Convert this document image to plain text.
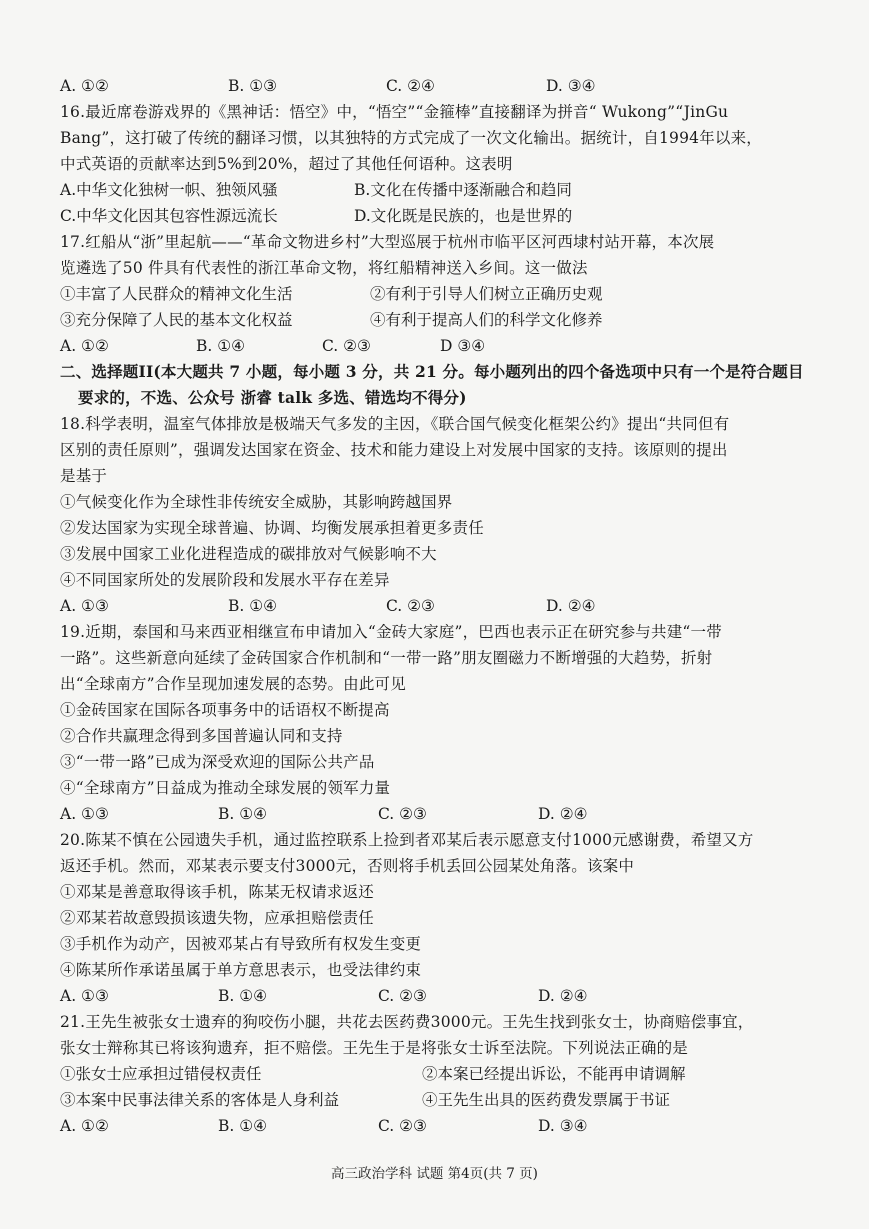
A. ①②	B. ①③	C. ②④	D. ③④
16.最近席卷游戏界的《黑神话：悟空》中，“悟空”“金箍棒”直接翻译为拼音“ Wukong”“JinGu
Bang”，这打破了传统的翻译习惯，以其独特的方式完成了一次文化输出。据统计，自1994年以来，
中式英语的贡献率达到5%到20%，超过了其他任何语种。这表明
A.中华文化独树一帜、独领风骚	B.文化在传播中逐渐融合和趋同
C.中华文化因其包容性源远流长	D.文化既是民族的，也是世界的
17.红船从“浙”里起航——“革命文物进乡村”大型巡展于杭州市临平区河西埭村站开幕，本次展
览遴选了50 件具有代表性的浙江革命文物，将红船精神送入乡间。这一做法
①丰富了人民群众的精神文化生活	②有利于引导人们树立正确历史观
③充分保障了人民的基本文化权益	④有利于提高人们的科学文化修养
A. ①②	B. ①④	C. ②③	D ③④
二、选择题II(本大题共 7 小题，每小题 3 分，共 21 分。每小题列出的四个备选项中只有一个是符合题目
要求的，不选、公众号 浙睿 talk 多选、错选均不得分)
18.科学表明，温室气体排放是极端天气多发的主因，《联合国气候变化框架公约》提出“共同但有
区别的责任原则”，强调发达国家在资金、技术和能力建设上对发展中国家的支持。该原则的提出
是基于
①气候变化作为全球性非传统安全威胁，其影响跨越国界
②发达国家为实现全球普遍、协调、均衡发展承担着更多责任
③发展中国家工业化进程造成的碳排放对气候影响不大
④不同国家所处的发展阶段和发展水平存在差异
A. ①③	B. ①④	C. ②③	D. ②④
19.近期，泰国和马来西亚相继宣布申请加入“金砖大家庭”，巴西也表示正在研究参与共建“一带
一路”。这些新意向延续了金砖国家合作机制和“一带一路”朋友圈磁力不断增强的大趋势，折射
出“全球南方”合作呈现加速发展的态势。由此可见
①金砖国家在国际各项事务中的话语权不断提高
②合作共赢理念得到多国普遍认同和支持
③“一带一路”已成为深受欢迎的国际公共产品
④“全球南方”日益成为推动全球发展的领军力量
A. ①③	B. ①④	C. ②③	D. ②④
20.陈某不慎在公园遗失手机，通过监控联系上捡到者邓某后表示愿意支付1000元感谢费，希望又方
返还手机。然而，邓某表示要支付3000元，否则将手机丢回公园某处角落。该案中
①邓某是善意取得该手机，陈某无权请求返还
②邓某若故意毁损该遗失物，应承担赔偿责任
③手机作为动产，因被邓某占有导致所有权发生变更
④陈某所作承诺虽属于单方意思表示，也受法律约束
A. ①③	B. ①④	C. ②③	D. ②④
21.王先生被张女士遗弃的狗咬伤小腿，共花去医药费3000元。王先生找到张女士，协商赔偿事宜，
张女士辩称其已将该狗遗弃，拒不赔偿。王先生于是将张女士诉至法院。下列说法正确的是
①张女士应承担过错侵权责任	②本案已经提出诉讼，不能再申请调解
③本案中民事法律关系的客体是人身利益	④王先生出具的医药费发票属于书证
A. ①②	B. ①④	C. ②③	D. ③④
高三政治学科 试题 第4页(共 7 页)
